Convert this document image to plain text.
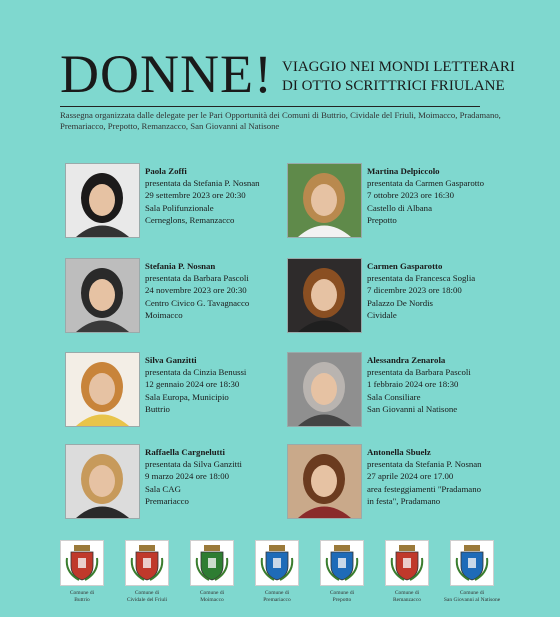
DONNE! VIAGGIO NEI MONDI LETTERARI
DI OTTO SCRITTRICI FRIULANE
Rassegna organizzata dalle delegate per le Pari Opportunità dei Comuni di Buttrio, Cividale del Friuli, Moimacco, Pradamano, Premariacco, Prepotto, Remanzacco, San Giovanni al Natisone
Paola Zoffi
presentata da Stefania P. Nosnan
29 settembre 2023 ore 20:30
Sala Polifunzionale
Cerneglons, Remanzacco
Martina Delpiccolo
presentata da Carmen Gasparotto
7 ottobre 2023 ore 16:30
Castello di Albana
Prepotto
Stefania P. Nosnan
presentata da Barbara Pascoli
24 novembre 2023 ore 20:30
Centro Civico G. Tavagnacco
Moimacco
Carmen Gasparotto
presentata da Francesca Soglia
7 dicembre 2023 ore 18:00
Palazzo De Nordis
Cividale
Silva Ganzitti
presentata da Cinzia Benussi
12 gennaio 2024 ore 18:30
Sala Europa, Municipio
Buttrio
Alessandra Zenarola
presentata da Barbara Pascoli
1 febbraio 2024 ore 18:30
Sala Consiliare
San Giovanni al Natisone
Raffaella Cargnelutti
presentata da Silva Ganzitti
9 marzo 2024 ore 18:00
Sala CAG
Premariacco
Antonella Sbuelz
presentata da Stefania P. Nosnan
27 aprile 2024 ore 17.00
area festeggiamenti "Pradamano
in festa", Pradamano
Comune di
Buttrio
Comune di
Cividale del Friuli
Comune di
Moimacco
Comune di
Premariacco
Comune di
Prepotto
Comune di
Remanzacco
Comune di
San Giovanni al Natisone
